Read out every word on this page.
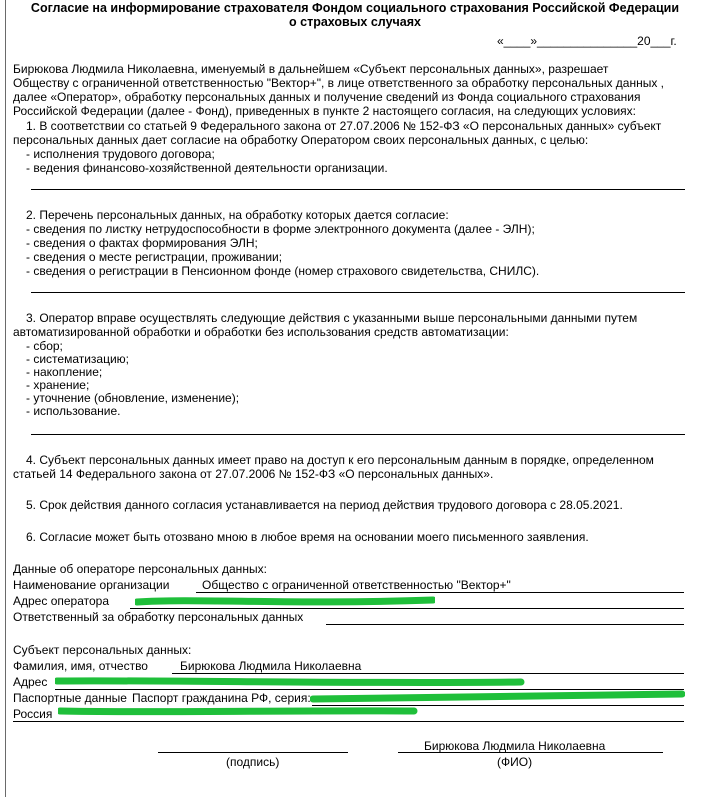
Согласие на информирование страхователя Фондом социального страхования Российской Федерации
о страховых случаях
«____»_______________20___г.
Бирюкова Людмила Николаевна, именуемый в дальнейшем «Субъект персональных данных», разрешает
Обществу с ограниченной ответственностью "Вектор+", в лице ответственного за обработку персональных данных ,
далее «Оператор», обработку персональных данных и получение сведений из Фонда социального страхования
Российской Федерации (далее - Фонд), приведенных в пункте 2 настоящего согласия, на следующих условиях:
1. В соответствии со статьей 9 Федерального закона от 27.07.2006 № 152-ФЗ «О персональных данных» субъект
персональных данных дает согласие на обработку Оператором своих персональных данных, с целью:
- исполнения трудового договора;
- ведения финансово-хозяйственной деятельности организации.
2. Перечень персональных данных, на обработку которых дается согласие:
- сведения по листку нетрудоспособности в форме электронного документа (далее - ЭЛН);
- сведения о фактах формирования ЭЛН;
- сведения о месте регистрации, проживании;
- сведения о регистрации в Пенсионном фонде (номер страхового свидетельства, СНИЛС).
3. Оператор вправе осуществлять следующие действия с указанными выше персональными данными путем
автоматизированной обработки и обработки без использования средств автоматизации:
- сбор;
- систематизацию;
- накопление;
- хранение;
- уточнение (обновление, изменение);
- использование.
4. Субъект персональных данных имеет право на доступ к его персональным данным в порядке, определенном
статьей 14 Федерального закона от 27.07.2006 № 152-ФЗ «О персональных данных».
5. Срок действия данного согласия устанавливается на период действия трудового договора с 28.05.2021.
6. Согласие может быть отозвано мною в любое время на основании моего письменного заявления.
Данные об операторе персональных данных:
Наименование организации	Общество с ограниченной ответственностью "Вектор+"
Адрес оператора
Ответственный за обработку персональных данных
Субъект персональных данных:
Фамилия, имя, отчество	Бирюкова Людмила Николаевна
Адрес
Паспортные данные Паспорт гражданина РФ, серия:
Россия
(подпись)
Бирюкова Людмила Николаевна
(ФИО)
